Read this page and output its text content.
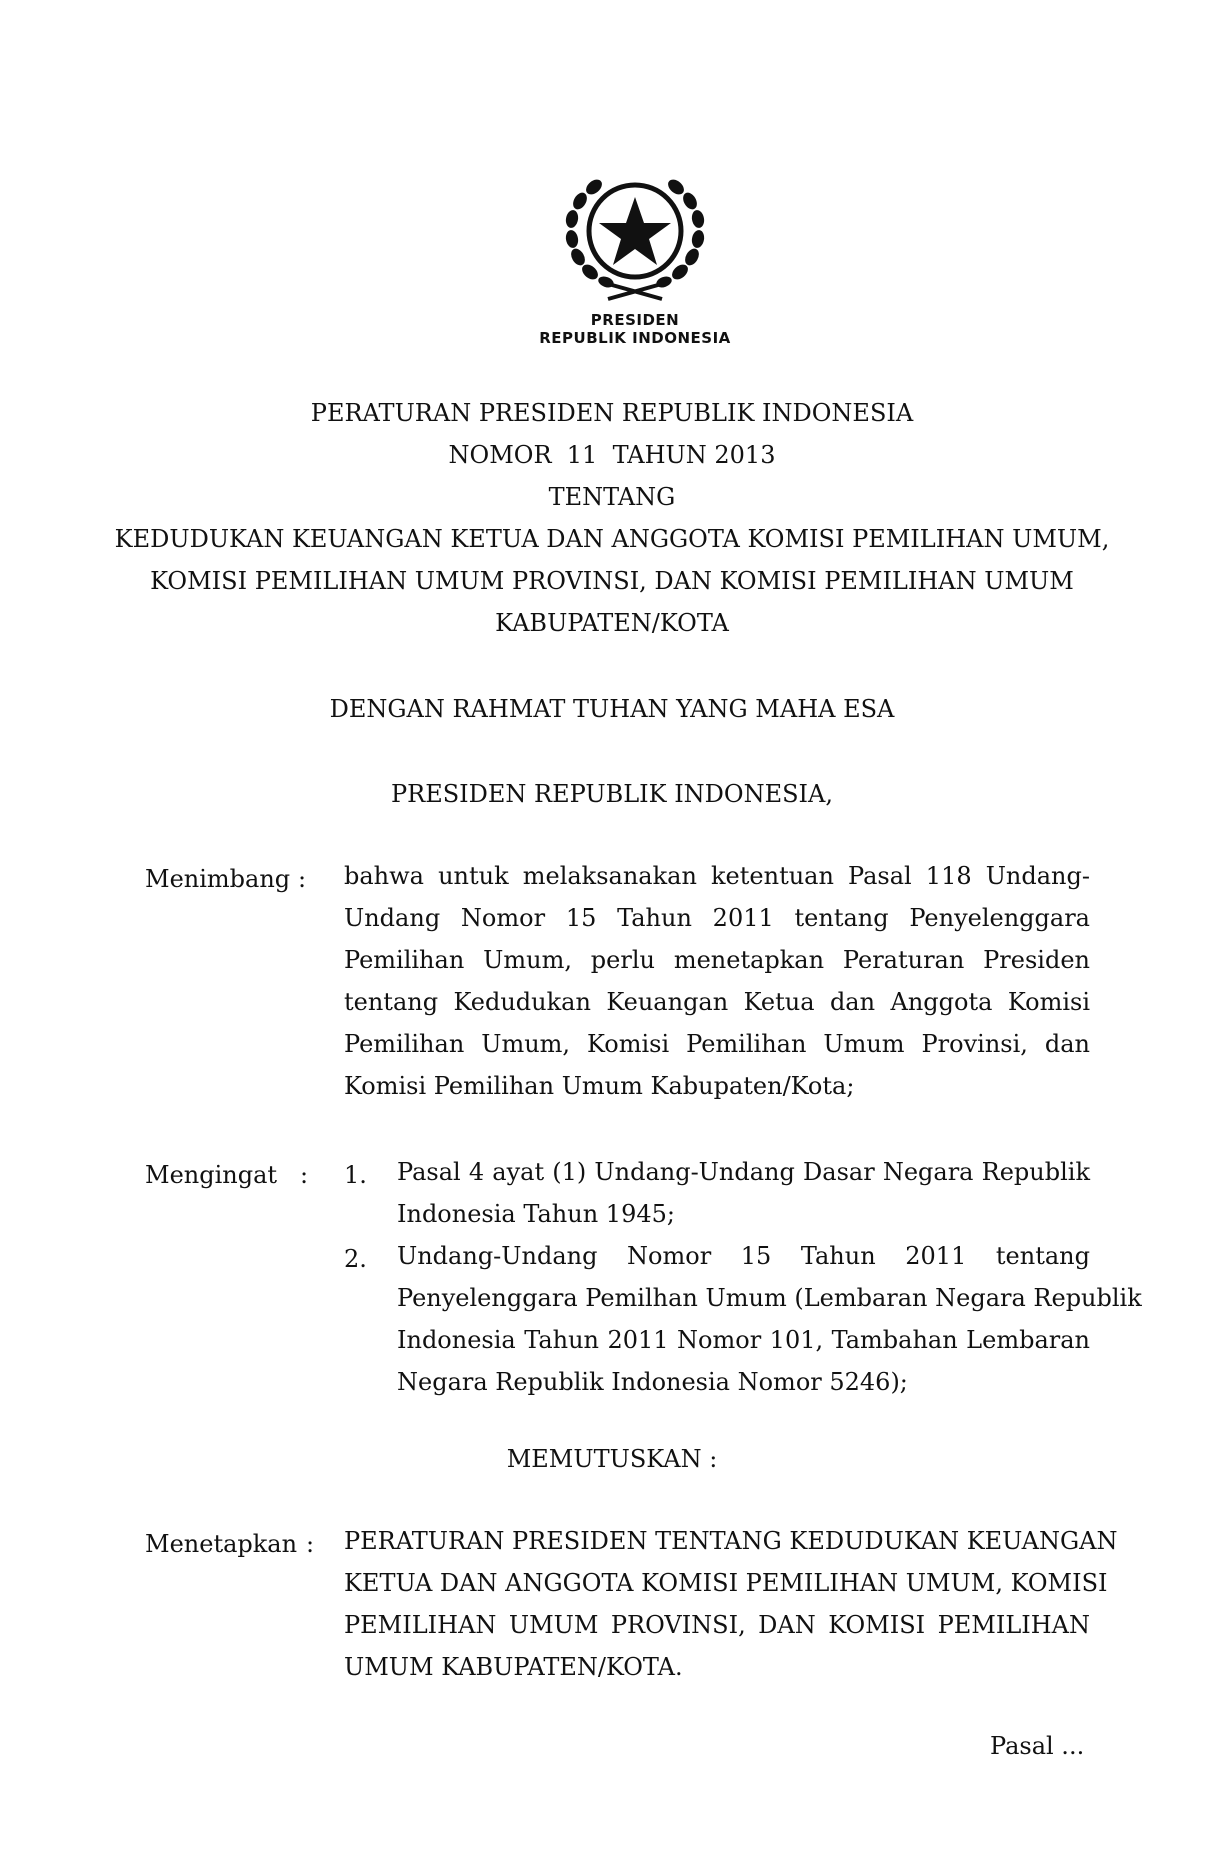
PRESIDEN
REPUBLIK INDONESIA
PERATURAN PRESIDEN REPUBLIK INDONESIA
NOMOR  11  TAHUN 2013
TENTANG
KEDUDUKAN KEUANGAN KETUA DAN ANGGOTA KOMISI PEMILIHAN UMUM,
KOMISI PEMILIHAN UMUM PROVINSI, DAN KOMISI PEMILIHAN UMUM
KABUPATEN/KOTA
DENGAN RAHMAT TUHAN YANG MAHA ESA
PRESIDEN REPUBLIK INDONESIA,
Menimbang : bahwa untuk melaksanakan ketentuan Pasal 118 Undang-
Undang Nomor 15 Tahun 2011 tentang Penyelenggara
Pemilihan Umum, perlu menetapkan Peraturan Presiden
tentang Kedudukan Keuangan Ketua dan Anggota Komisi
Pemilihan Umum, Komisi Pemilihan Umum Provinsi, dan
Komisi Pemilihan Umum Kabupaten/Kota;
Mengingat : 1. Pasal 4 ayat (1) Undang-Undang Dasar Negara Republik
Indonesia Tahun 1945;
2. Undang-Undang Nomor 15 Tahun 2011 tentang
Penyelenggara Pemilhan Umum (Lembaran Negara Republik
Indonesia Tahun 2011 Nomor 101, Tambahan Lembaran
Negara Republik Indonesia Nomor 5246);
MEMUTUSKAN :
Menetapkan : PERATURAN PRESIDEN TENTANG KEDUDUKAN KEUANGAN
KETUA DAN ANGGOTA KOMISI PEMILIHAN UMUM, KOMISI
PEMILIHAN UMUM PROVINSI, DAN KOMISI PEMILIHAN
UMUM KABUPATEN/KOTA.
Pasal ...
